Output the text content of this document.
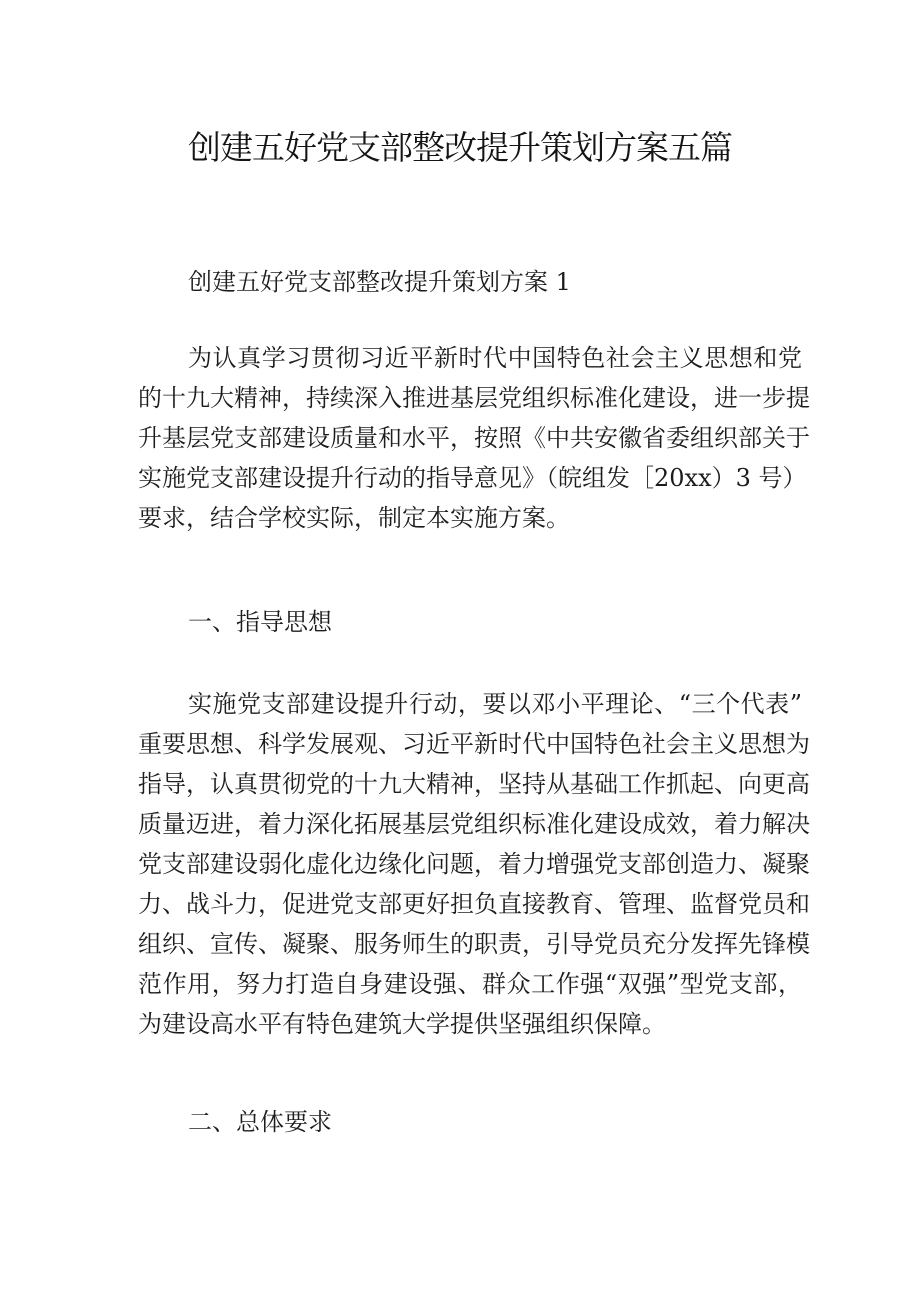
创建五好党支部整改提升策划方案五篇

创建五好党支部整改提升策划方案 1

为认真学习贯彻习近平新时代中国特色社会主义思想和党
的十九大精神，持续深入推进基层党组织标准化建设，进一步提
升基层党支部建设质量和水平，按照《中共安徽省委组织部关于
实施党支部建设提升行动的指导意见》（皖组发［20xx）3 号）
要求，结合学校实际，制定本实施方案。

一、指导思想

实施党支部建设提升行动，要以邓小平理论、“三个代表”
重要思想、科学发展观、习近平新时代中国特色社会主义思想为
指导，认真贯彻党的十九大精神，坚持从基础工作抓起、向更高
质量迈进，着力深化拓展基层党组织标准化建设成效，着力解决
党支部建设弱化虚化边缘化问题，着力增强党支部创造力、凝聚
力、战斗力，促进党支部更好担负直接教育、管理、监督党员和
组织、宣传、凝聚、服务师生的职责，引导党员充分发挥先锋模
范作用，努力打造自身建设强、群众工作强“双强”型党支部，
为建设高水平有特色建筑大学提供坚强组织保障。

二、总体要求
